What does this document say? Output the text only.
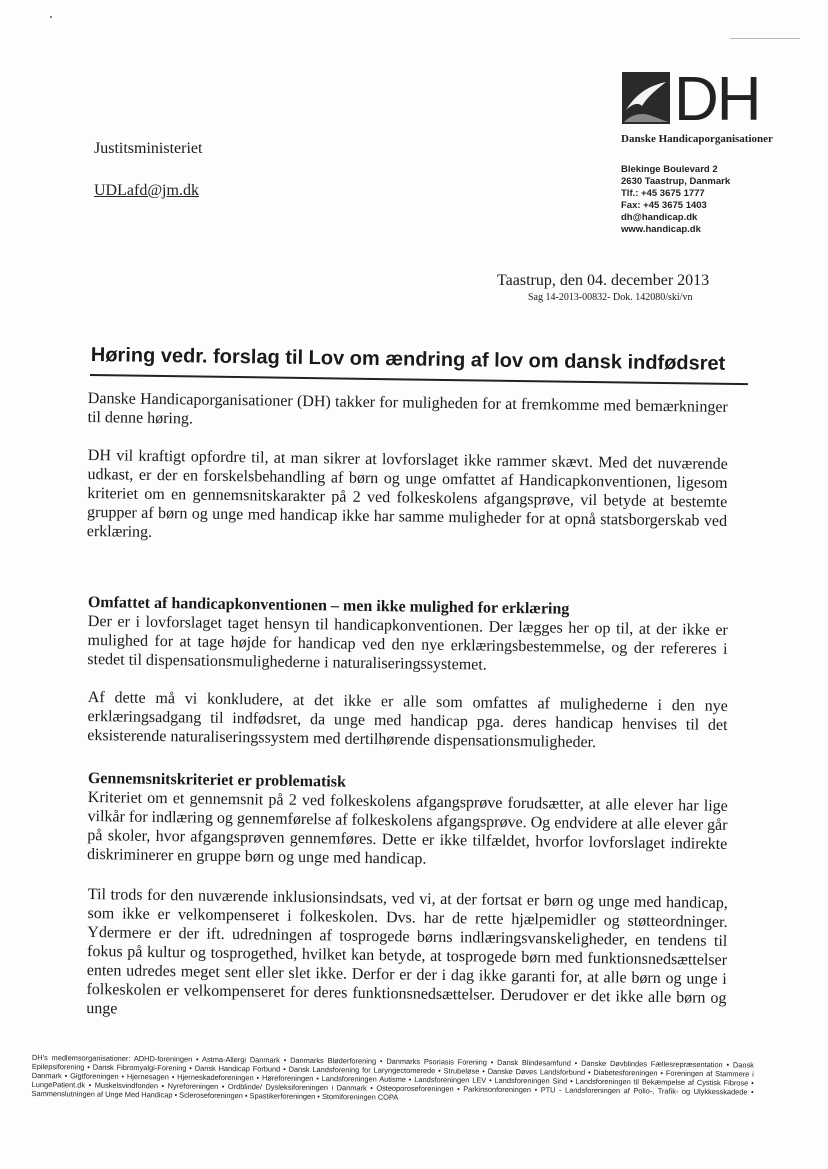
Justitsministeriet
UDLafd@jm.dk
DH
Danske Handicaporganisationer
Blekinge Boulevard 2
2630 Taastrup, Danmark
Tlf.: +45 3675 1777
Fax: +45 3675 1403
dh@handicap.dk
www.handicap.dk
Taastrup, den 04. december 2013
Sag 14-2013-00832- Dok. 142080/ski/vn
Høring vedr. forslag til Lov om ændring af lov om dansk indfødsret
Danske Handicaporganisationer (DH) takker for muligheden for at fremkomme med bemærkninger til denne høring.
DH vil kraftigt opfordre til, at man sikrer at lovforslaget ikke rammer skævt. Med det nuværende udkast, er der en forskelsbehandling af børn og unge omfattet af Handicapkonventionen, ligesom kriteriet om en gennemsnitskarakter på 2 ved folkeskolens afgangsprøve, vil betyde at bestemte grupper af børn og unge med handicap ikke har samme muligheder for at opnå statsborgerskab ved erklæring.
Omfattet af handicapkonventionen – men ikke mulighed for erklæring
Der er i lovforslaget taget hensyn til handicapkonventionen. Der lægges her op til, at der ikke er mulighed for at tage højde for handicap ved den nye erklæringsbestemmelse, og der refereres i stedet til dispensationsmulighederne i naturaliseringssystemet.
Af dette må vi konkludere, at det ikke er alle som omfattes af mulighederne i den nye erklæringsadgang til indfødsret, da unge med handicap pga. deres handicap henvises til det eksisterende naturaliseringssystem med dertilhørende dispensationsmuligheder.
Gennemsnitskriteriet er problematisk
Kriteriet om et gennemsnit på 2 ved folkeskolens afgangsprøve forudsætter, at alle elever har lige vilkår for indlæring og gennemførelse af folkeskolens afgangsprøve. Og endvidere at alle elever går på skoler, hvor afgangsprøven gennemføres. Dette er ikke tilfældet, hvorfor lovforslaget indirekte diskriminerer en gruppe børn og unge med handicap.
Til trods for den nuværende inklusionsindsats, ved vi, at der fortsat er børn og unge med handicap, som ikke er velkompenseret i folkeskolen. Dvs. har de rette hjælpemidler og støtteordninger. Ydermere er der ift. udredningen af tosprogede børns indlæringsvanskeligheder, en tendens til fokus på kultur og tosprogethed, hvilket kan betyde, at tosprogede børn med funktionsnedsættelser enten udredes meget sent eller slet ikke. Derfor er der i dag ikke garanti for, at alle børn og unge i folkeskolen er velkompenseret for deres funktionsnedsættelser. Derudover er det ikke alle børn og unge
DH's medlemsorganisationer: ADHD-foreningen • Astma-Allergi Danmark • Danmarks Bløderforening • Danmarks Psoriasis Forening • Dansk Blindesamfund • Danske Døvblindes Fællesrepræsentation • Dansk Epilepsiforening • Dansk Fibromyalgi-Forening • Dansk Handicap Forbund • Dansk Landsforening for Laryngectomerede • Strubeløse • Danske Døves Landsforbund • Diabetesforeningen • Foreningen af Stammere i Danmark • Gigtforeningen • Hjernesagen • Hjerneskadeforeningen • Høreforeningen • Landsforeningen Autisme • Landsforeningen LEV • Landsforeningen Sind • Landsforeningen til Bekæmpelse af Cystisk Fibrose • LungePatient.dk • Muskelsvindfonden • Nyreforeningen • Ordblinde/ Dysleksiforeningen i Danmark • Osteoporoseforeningen • Parkinsonforeningen • PTU - Landsforeningen af Polio-, Trafik- og Ulykkesskadede • Sammenslutningen af Unge Med Handicap • Scleroseforeningen • Spastikerforeningen • Stomiforeningen COPA
